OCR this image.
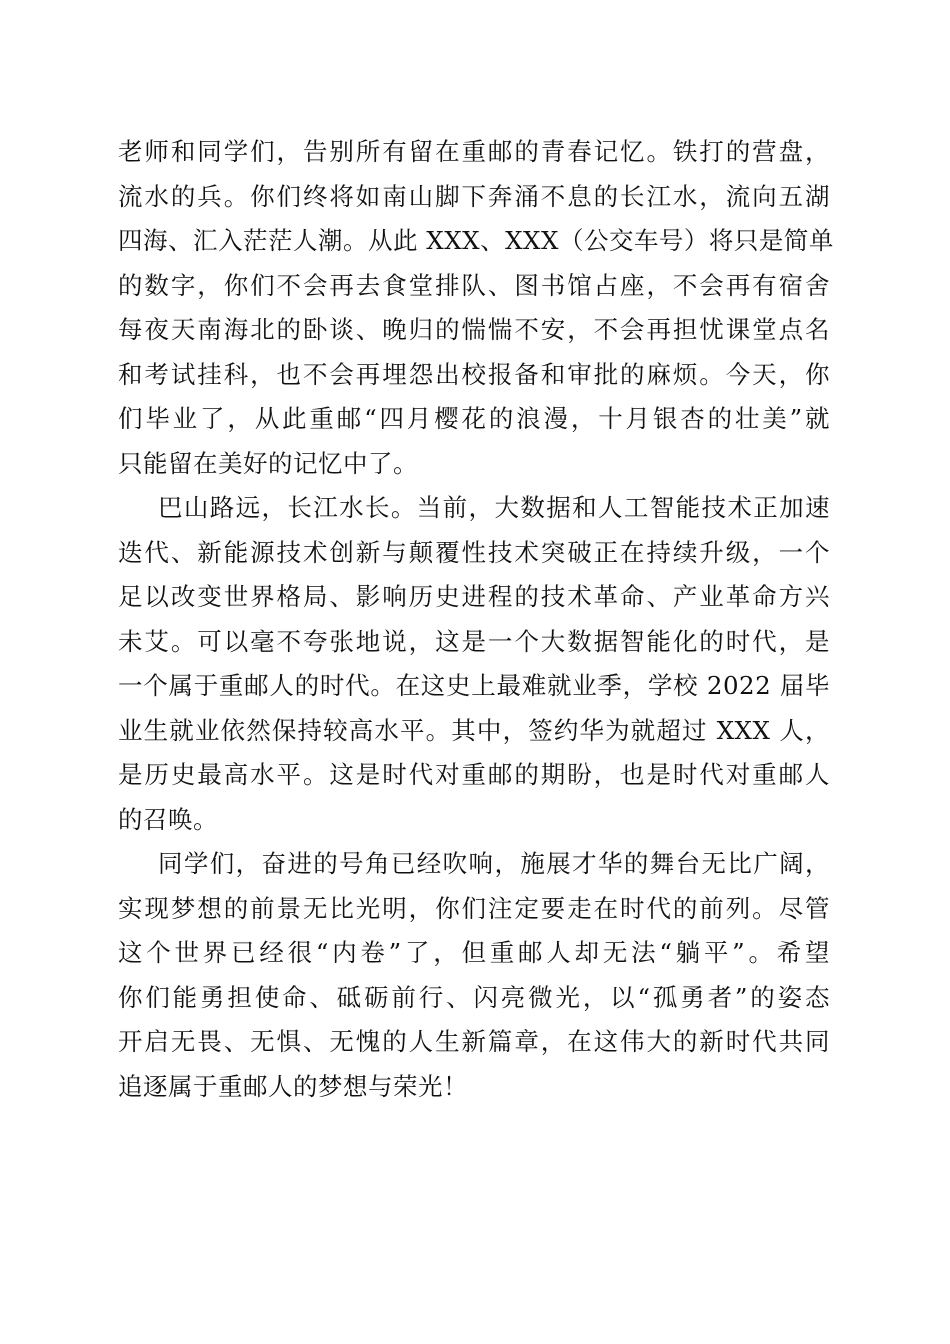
老师和同学们，告别所有留在重邮的青春记忆。铁打的营盘，
流水的兵。你们终将如南山脚下奔涌不息的长江水，流向五湖
四海、汇入茫茫人潮。从此 XXX、XXX（公交车号）将只是简单
的数字，你们不会再去食堂排队、图书馆占座，不会再有宿舍
每夜天南海北的卧谈、晚归的惴惴不安，不会再担忧课堂点名
和考试挂科，也不会再埋怨出校报备和审批的麻烦。今天，你
们毕业了，从此重邮“四月樱花的浪漫，十月银杏的壮美”就
只能留在美好的记忆中了。
巴山路远，长江水长。当前，大数据和人工智能技术正加速
迭代、新能源技术创新与颠覆性技术突破正在持续升级，一个
足以改变世界格局、影响历史进程的技术革命、产业革命方兴
未艾。可以毫不夸张地说，这是一个大数据智能化的时代，是
一个属于重邮人的时代。在这史上最难就业季，学校 2022 届毕
业生就业依然保持较高水平。其中，签约华为就超过 XXX 人，
是历史最高水平。这是时代对重邮的期盼，也是时代对重邮人
的召唤。
同学们，奋进的号角已经吹响，施展才华的舞台无比广阔，
实现梦想的前景无比光明，你们注定要走在时代的前列。尽管
这个世界已经很“内卷”了，但重邮人却无法“躺平”。希望
你们能勇担使命、砥砺前行、闪亮微光，以“孤勇者”的姿态
开启无畏、无惧、无愧的人生新篇章，在这伟大的新时代共同
追逐属于重邮人的梦想与荣光！
